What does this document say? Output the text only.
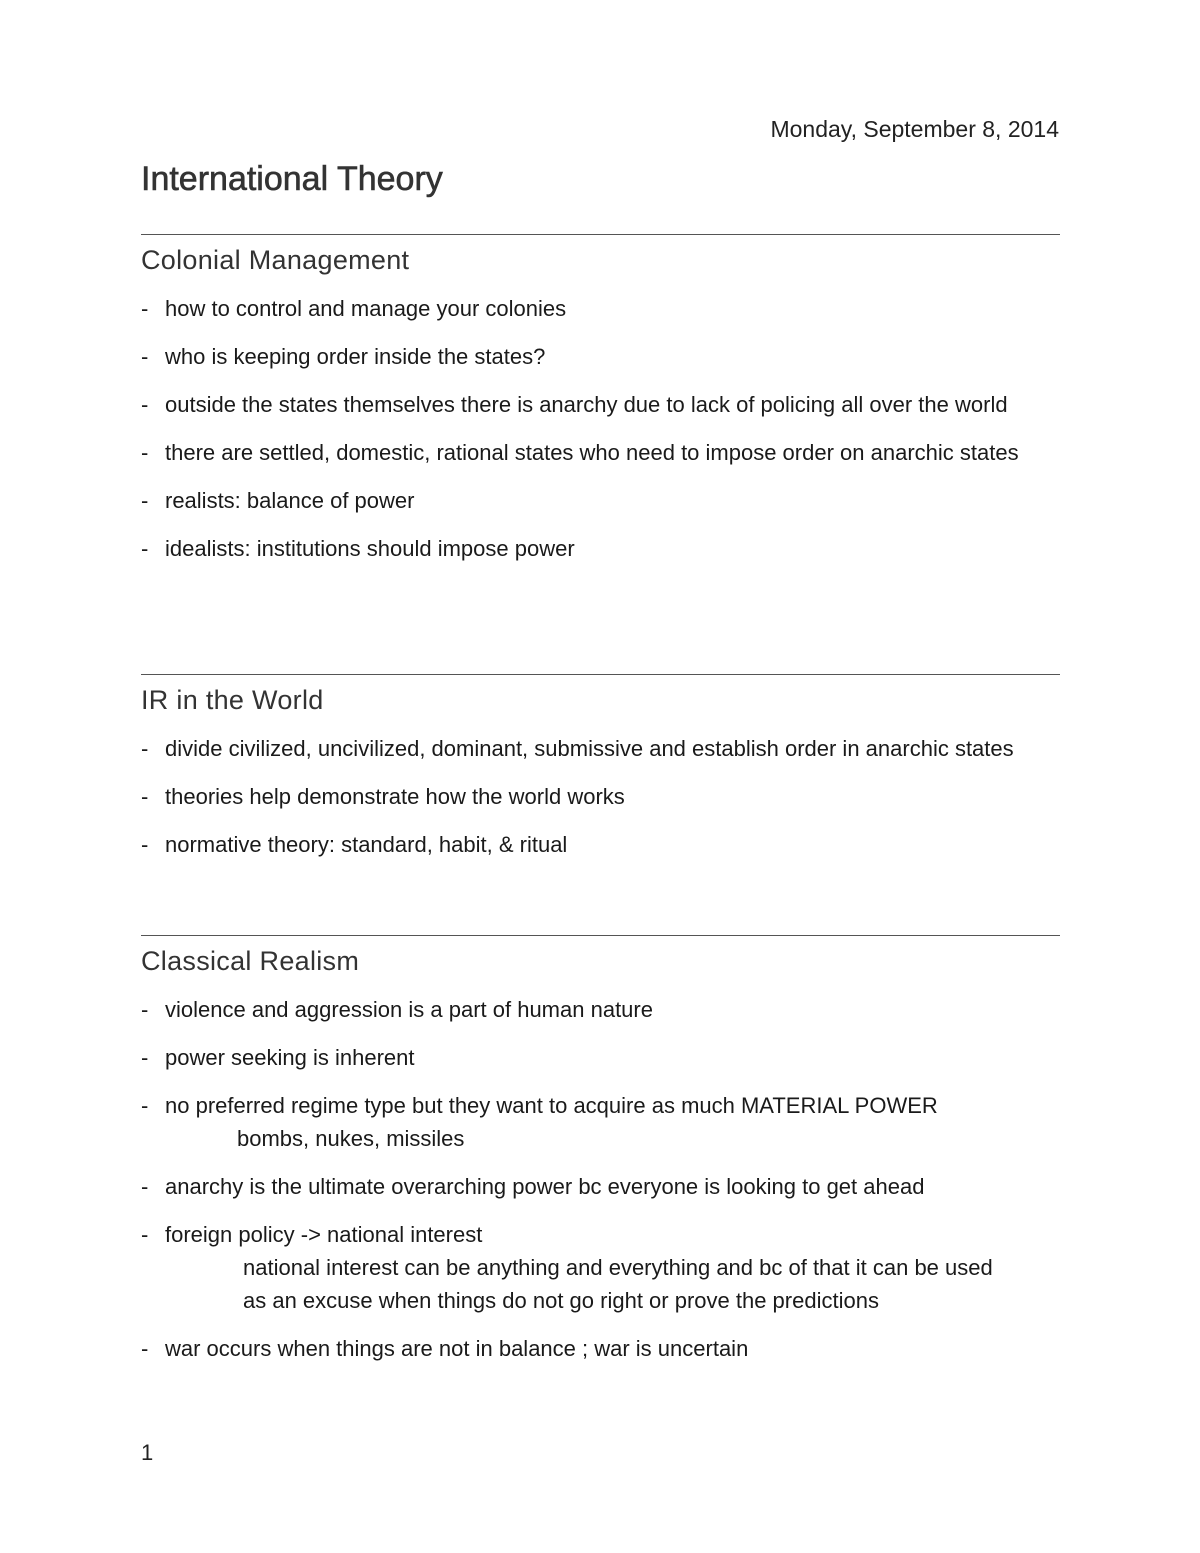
Monday, September 8, 2014
International Theory
Colonial Management
- how to control and manage your colonies
- who is keeping order inside the states?
- outside the states themselves there is anarchy due to lack of policing all over the world
- there are settled, domestic, rational states who need to impose order on anarchic states
- realists: balance of power
- idealists: institutions should impose power
IR in the World
- divide civilized, uncivilized, dominant, submissive and establish order in anarchic states
- theories help demonstrate how the world works
- normative theory: standard, habit, & ritual
Classical Realism
- violence and aggression is a part of human nature
- power seeking is inherent
- no preferred regime type but they want to acquire as much MATERIAL POWER
bombs, nukes, missiles
- anarchy is the ultimate overarching power bc everyone is looking to get ahead
- foreign policy -> national interest
national interest can be anything and everything and bc of that it can be used
as an excuse when things do not go right or prove the predictions
- war occurs when things are not in balance ; war is uncertain
1
